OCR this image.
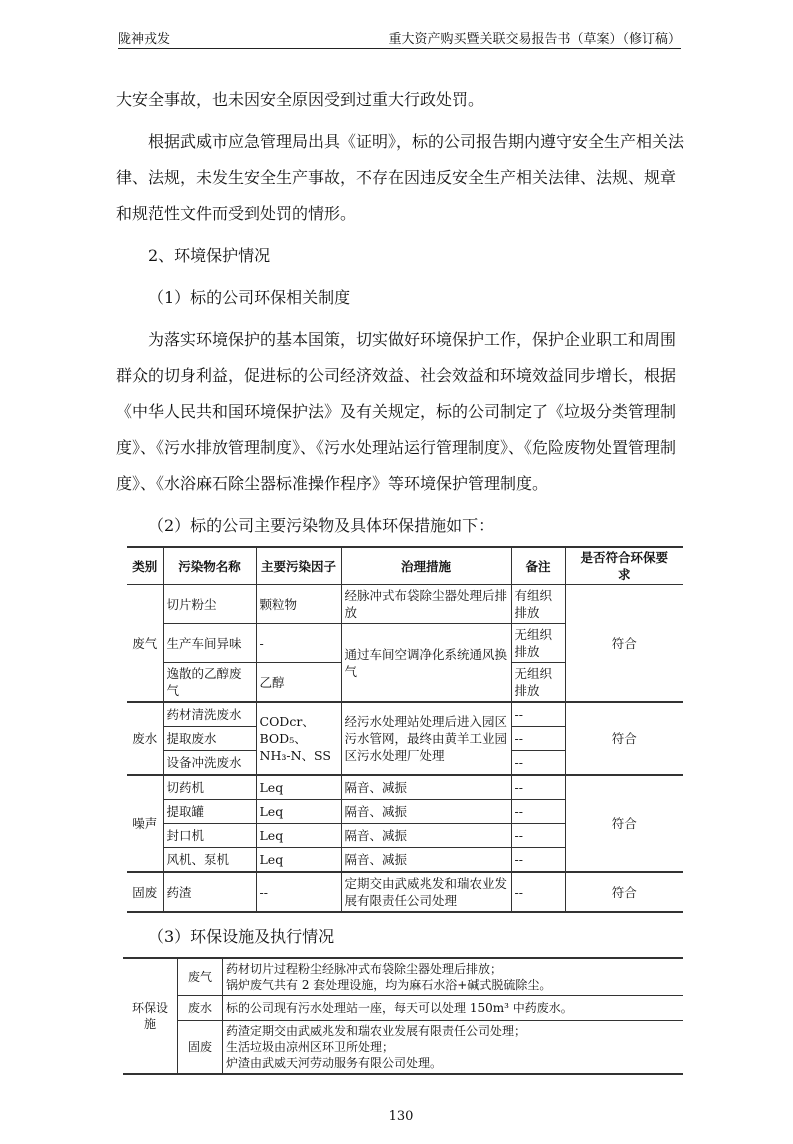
陇神戎发	重大资产购买暨关联交易报告书（草案）（修订稿）
大安全事故，也未因安全原因受到过重大行政处罚。
根据武威市应急管理局出具《证明》，标的公司报告期内遵守安全生产相关法律、法规，未发生安全生产事故，不存在因违反安全生产相关法律、法规、规章和规范性文件而受到处罚的情形。
2、环境保护情况
（1）标的公司环保相关制度
为落实环境保护的基本国策，切实做好环境保护工作，保护企业职工和周围群众的切身利益，促进标的公司经济效益、社会效益和环境效益同步增长，根据《中华人民共和国环境保护法》及有关规定，标的公司制定了《垃圾分类管理制度》、《污水排放管理制度》、《污水处理站运行管理制度》、《危险废物处置管理制度》、《水浴麻石除尘器标准操作程序》等环境保护管理制度。
（2）标的公司主要污染物及具体环保措施如下：
类别	污染物名称	主要污染因子	治理措施	备注	是否符合环保要求
废气	切片粉尘	颗粒物	经脉冲式布袋除尘器处理后排放	有组织排放	符合
	生产车间异味	-	通过车间空调净化系统通风换气	无组织排放	
	逸散的乙醇废气	乙醇		无组织排放	
废水	药材清洗废水	CODcr、BOD₅、NH₃-N、SS	经污水处理站处理后进入园区污水管网，最终由黄羊工业园区污水处理厂处理	--	符合
	提取废水			--	
	设备冲洗废水			--	
噪声	切药机	Leq	隔音、减振	--	符合
	提取罐	Leq	隔音、减振	--	
	封口机	Leq	隔音、减振	--	
	风机、泵机	Leq	隔音、减振	--	
固废	药渣	--	定期交由武威兆发和瑞农业发展有限责任公司处理	--	符合
（3）环保设施及执行情况
环保设施	废气	药材切片过程粉尘经脉冲式布袋除尘器处理后排放；
锅炉废气共有 2 套处理设施，均为麻石水浴+碱式脱硫除尘。

	废水	标的公司现有污水处理站一座，每天可以处理 150m³ 中药废水。

	固废	药渣定期交由武威兆发和瑞农业发展有限责任公司处理；
生活垃圾由凉州区环卫所处理；
炉渣由武威天河劳动服务有限公司处理。
130
